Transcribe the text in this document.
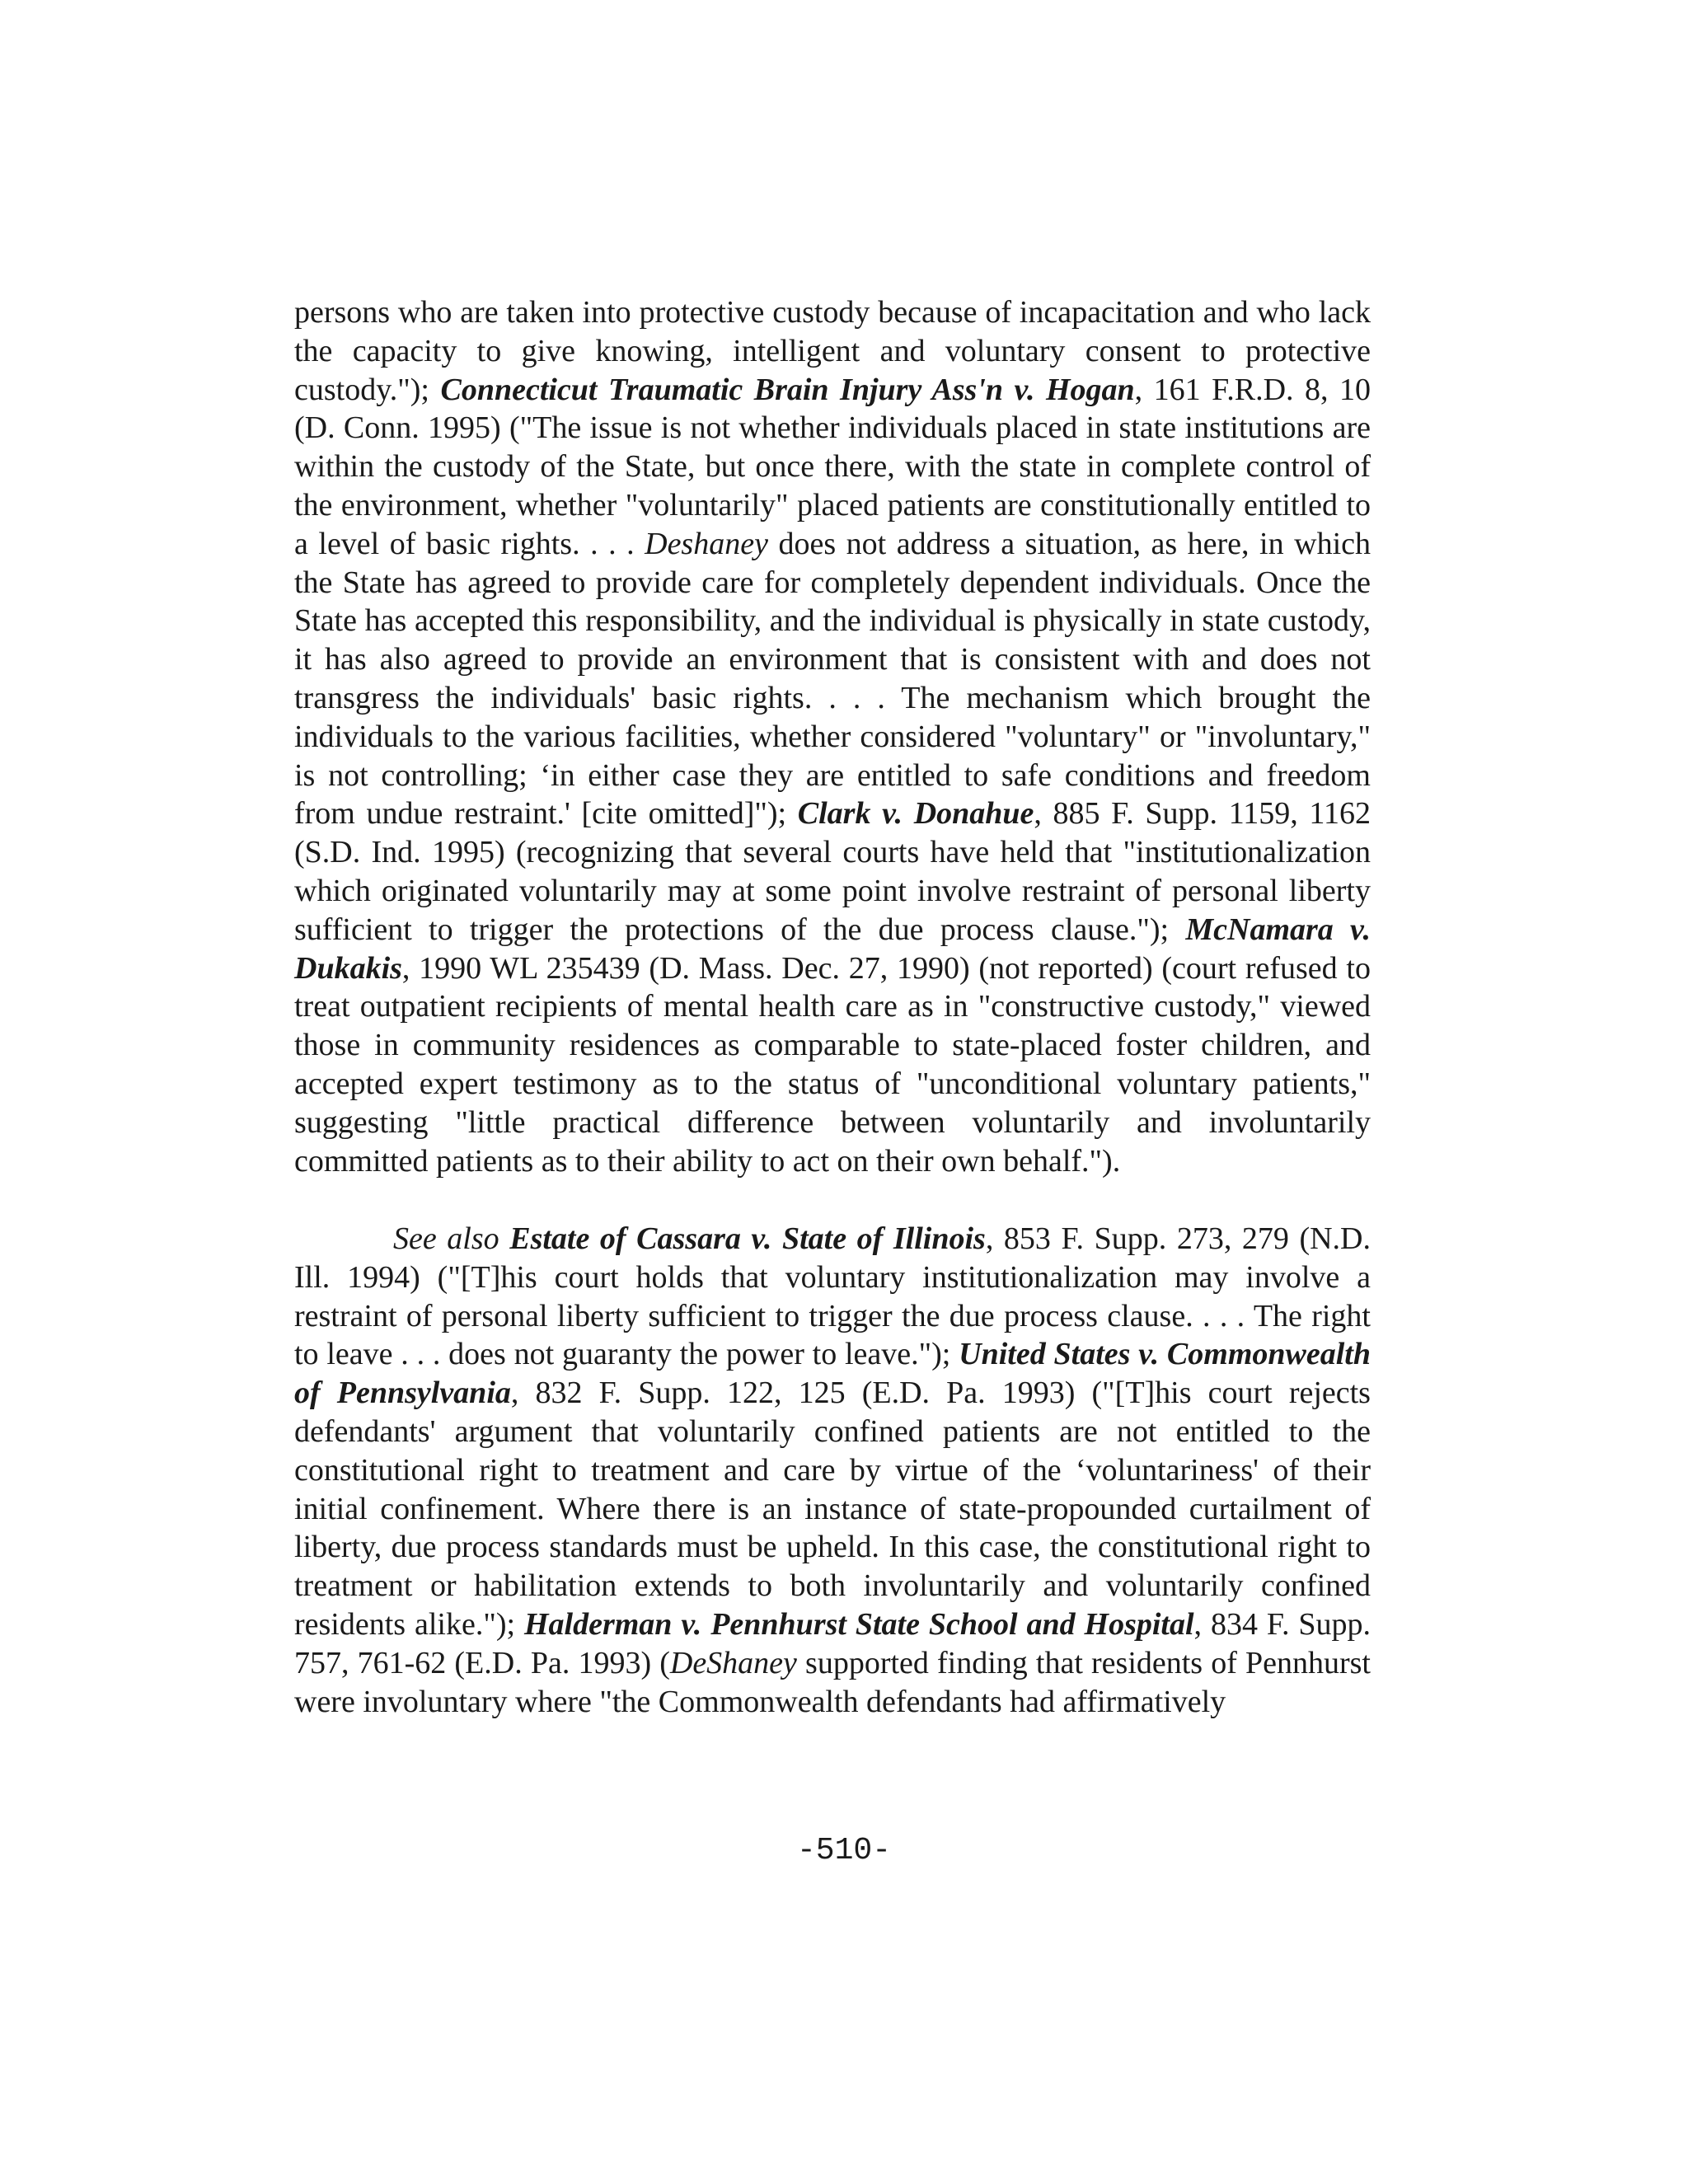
persons who are taken into protective custody because of incapacitation and who lack the capacity to give knowing, intelligent and voluntary consent to protective custody."); Connecticut Traumatic Brain Injury Ass'n v. Hogan, 161 F.R.D. 8, 10 (D. Conn. 1995) ("The issue is not whether individuals placed in state institutions are within the custody of the State, but once there, with the state in complete control of the environment, whether "voluntarily" placed patients are constitutionally entitled to a level of basic rights. . . . Deshaney does not address a situation, as here, in which the State has agreed to provide care for completely dependent individuals. Once the State has accepted this responsibility, and the individual is physically in state custody, it has also agreed to provide an environment that is consistent with and does not transgress the individuals' basic rights. . . . The mechanism which brought the individuals to the various facilities, whether considered "voluntary" or "involuntary," is not controlling; ‘in either case they are entitled to safe conditions and freedom from undue restraint.' [cite omitted]"); Clark v. Donahue, 885 F. Supp. 1159, 1162 (S.D. Ind. 1995) (recognizing that several courts have held that "institutionalization which originated voluntarily may at some point involve restraint of personal liberty sufficient to trigger the protections of the due process clause."); McNamara v. Dukakis, 1990 WL 235439 (D. Mass. Dec. 27, 1990) (not reported) (court refused to treat outpatient recipients of mental health care as in "constructive custody," viewed those in community residences as comparable to state-placed foster children, and accepted expert testimony as to the status of "unconditional voluntary patients," suggesting "little practical difference between voluntarily and involuntarily committed patients as to their ability to act on their own behalf.").

See also Estate of Cassara v. State of Illinois, 853 F. Supp. 273, 279 (N.D. Ill. 1994) ("[T]his court holds that voluntary institutionalization may involve a restraint of personal liberty sufficient to trigger the due process clause. . . . The right to leave . . . does not guaranty the power to leave."); United States v. Commonwealth of Pennsylvania, 832 F. Supp. 122, 125 (E.D. Pa. 1993) ("[T]his court rejects defendants' argument that voluntarily confined patients are not entitled to the constitutional right to treatment and care by virtue of the ‘voluntariness' of their initial confinement. Where there is an instance of state-propounded curtailment of liberty, due process standards must be upheld. In this case, the constitutional right to treatment or habilitation extends to both involuntarily and voluntarily confined residents alike."); Halderman v. Pennhurst State School and Hospital, 834 F. Supp. 757, 761-62 (E.D. Pa. 1993) (DeShaney supported finding that residents of Pennhurst were involuntary where "the Commonwealth defendants had affirmatively

-510-
